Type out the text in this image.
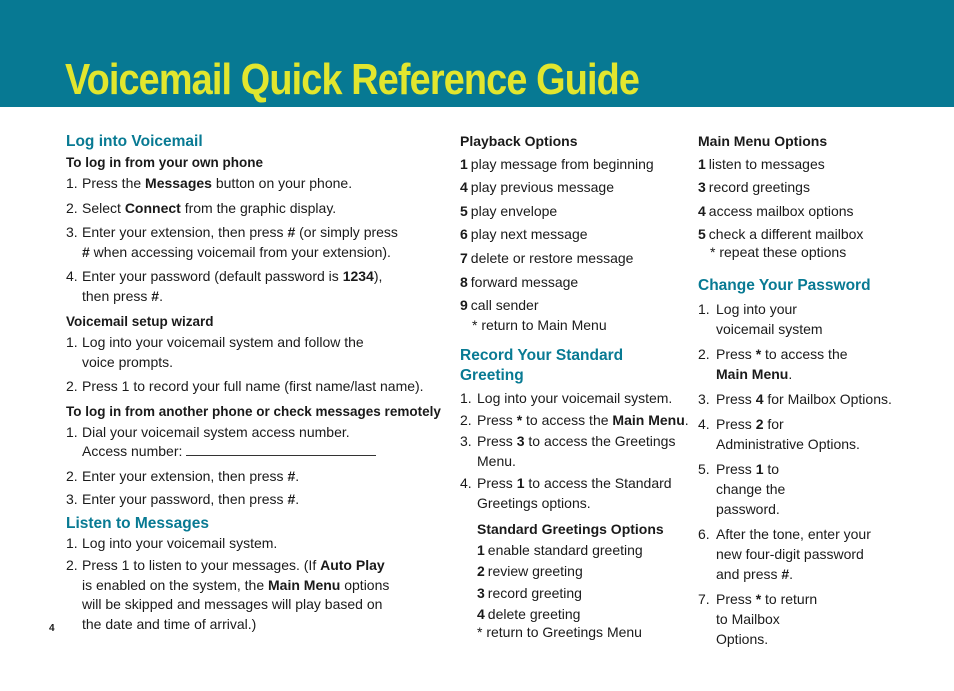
Voicemail Quick Reference Guide

Log into Voicemail

To log in from your own phone

1. Press the Messages button on your phone.
2. Select Connect from the graphic display.
3. Enter your extension, then press # (or simply press # when accessing voicemail from your extension).
4. Enter your password (default password is 1234), then press #.

Voicemail setup wizard

1. Log into your voicemail system and follow the voice prompts.
2. Press 1 to record your full name (first name/last name).

To log in from another phone or check messages remotely

1. Dial your voicemail system access number.
Access number:
2. Enter your extension, then press #.
3. Enter your password, then press #.

Listen to Messages

1. Log into your voicemail system.
2. Press 1 to listen to your messages. (If Auto Play is enabled on the system, the Main Menu options will be skipped and messages will play based on the date and time of arrival.)

Playback Options

1 play message from beginning
4 play previous message
5 play envelope
6 play next message
7 delete or restore message
8 forward message
9 call sender
* return to Main Menu

Record Your Standard Greeting

1. Log into your voicemail system.
2. Press * to access the Main Menu.
3. Press 3 to access the Greetings Menu.
4. Press 1 to access the Standard Greetings options.

Standard Greetings Options

1 enable standard greeting
2 review greeting
3 record greeting
4 delete greeting
* return to Greetings Menu

Main Menu Options

1 listen to messages
3 record greetings
4 access mailbox options
5 check a different mailbox
* repeat these options

Change Your Password

1. Log into your voicemail system
2. Press * to access the Main Menu.
3. Press 4 for Mailbox Options.
4. Press 2 for Administrative Options.
5. Press 1 to change the password.
6. After the tone, enter your new four-digit password and press #.
7. Press * to return to Mailbox Options.
4
